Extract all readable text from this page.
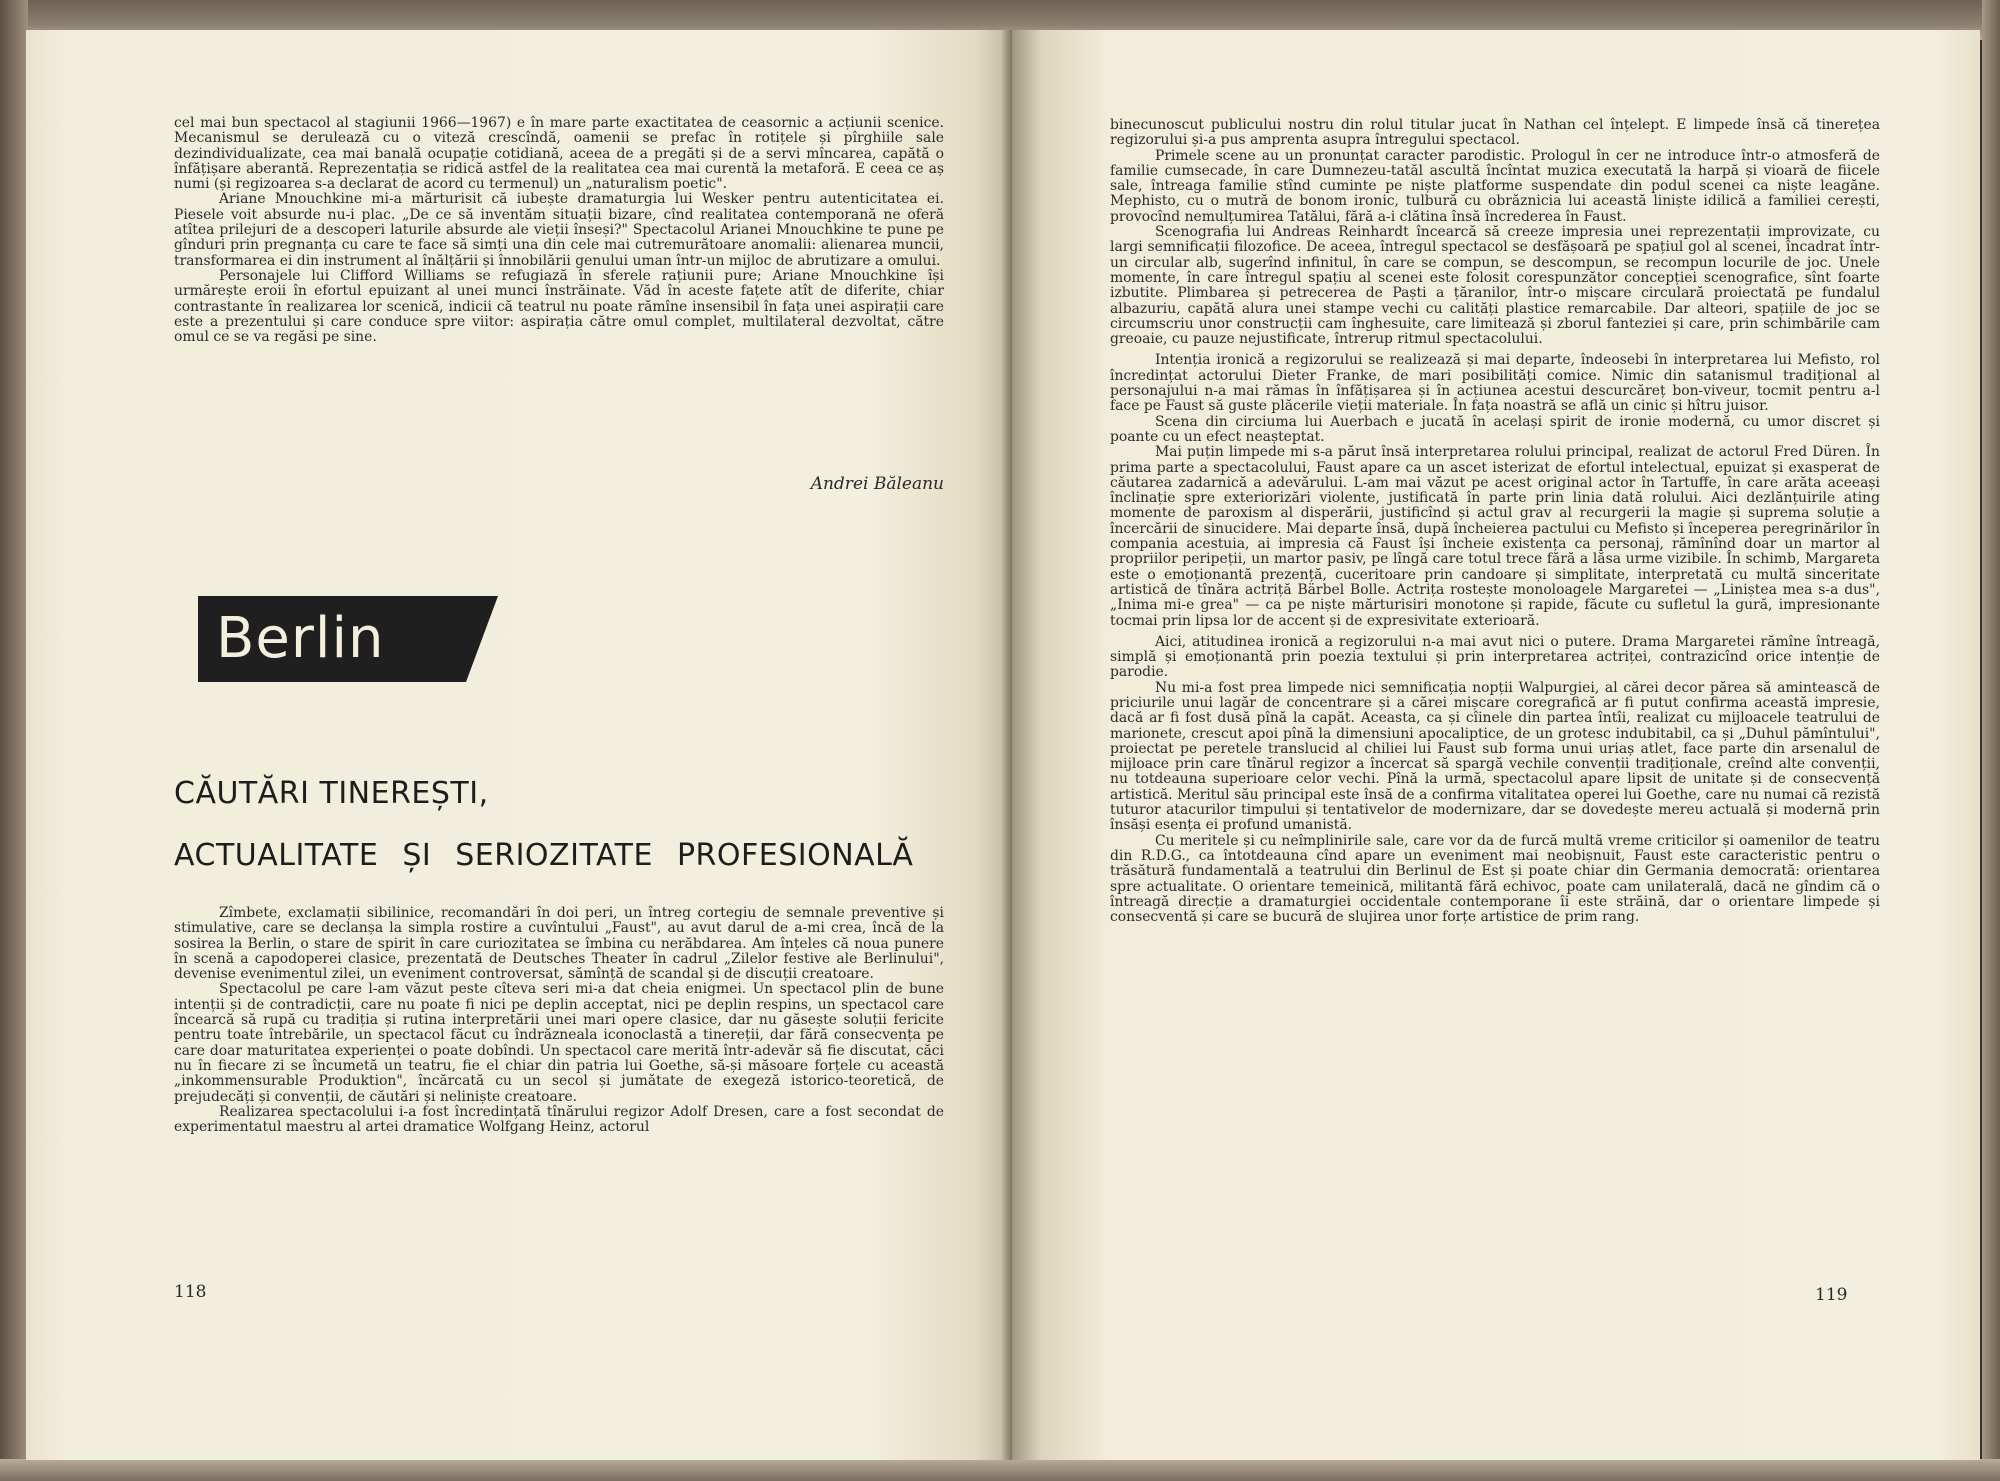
cel mai bun spectacol al stagiunii 1966—1967) e în mare parte exactitatea de ceasornic a acțiunii scenice. Mecanismul se derulează cu o viteză crescîndă, oamenii se prefac în rotițele și pîrghiile sale dezindividualizate, cea mai banală ocupație cotidiană, aceea de a pregăti și de a servi mîncarea, capătă o înfățișare aberantă. Reprezentația se ridică astfel de la realitatea cea mai curentă la metaforă. E ceea ce aș numi (și regizoarea s-a declarat de acord cu termenul) un „naturalism poetic".

Ariane Mnouchkine mi-a mărturisit că iubește dramaturgia lui Wesker pentru autenticitatea ei. Piesele voit absurde nu-i plac. „De ce să inventăm situații bizare, cînd realitatea contemporană ne oferă atîtea prilejuri de a descoperi laturile absurde ale vieții înseși?" Spectacolul Arianei Mnouchkine te pune pe gînduri prin pregnanța cu care te face să simți una din cele mai cutremurătoare anomalii: alienarea muncii, transformarea ei din instrument al înălțării și înnobilării genului uman într-un mijloc de abrutizare a omului.

Personajele lui Clifford Williams se refugiază în sferele rațiunii pure; Ariane Mnouchkine își urmărește eroii în efortul epuizant al unei munci înstrăinate. Văd în aceste fațete atît de diferite, chiar contrastante în realizarea lor scenică, indicii că teatrul nu poate rămîne insensibil în fața unei aspirații care este a prezentului și care conduce spre viitor: aspirația către omul complet, multilateral dezvoltat, către omul ce se va regăsi pe sine.

Andrei Băleanu
Berlin
CĂUTĂRI TINEREȘTI,
ACTUALITATE ȘI SERIOZITATE PROFESIONALĂ

Zîmbete, exclamații sibilinice, recomandări în doi peri, un întreg cortegiu de semnale preventive și stimulative, care se declanșa la simpla rostire a cuvîntului „Faust", au avut darul de a-mi crea, încă de la sosirea la Berlin, o stare de spirit în care curiozitatea se îmbina cu nerăbdarea. Am înțeles că noua punere în scenă a capodoperei clasice, prezentată de Deutsches Theater în cadrul „Zilelor festive ale Berlinului", devenise evenimentul zilei, un eveniment controversat, sămînță de scandal și de discuții creatoare.

Spectacolul pe care l-am văzut peste cîteva seri mi-a dat cheia enigmei. Un spectacol plin de bune intenții și de contradicții, care nu poate fi nici pe deplin acceptat, nici pe deplin respins, un spectacol care încearcă să rupă cu tradiția și rutina interpretării unei mari opere clasice, dar nu găsește soluții fericite pentru toate întrebările, un spectacol făcut cu îndrăzneala iconoclastă a tinereții, dar fără consecvența pe care doar maturitatea experienței o poate dobîndi. Un spectacol care merită într-adevăr să fie discutat, căci nu în fiecare zi se încumetă un teatru, fie el chiar din patria lui Goethe, să-și măsoare forțele cu această „inkommensurable Produktion", încărcată cu un secol și jumătate de exegeză istorico-teoretică, de prejudecăți și convenții, de căutări și neliniște creatoare.

Realizarea spectacolului i-a fost încredințată tînărului regizor Adolf Dresen, care a fost secondat de experimentatul maestru al artei dramatice Wolfgang Heinz, actorul

118

binecunoscut publicului nostru din rolul titular jucat în Nathan cel înțelept. E limpede însă că tinerețea regizorului și-a pus amprenta asupra întregului spectacol.

Primele scene au un pronunțat caracter parodistic. Prologul în cer ne introduce într-o atmosferă de familie cumsecade, în care Dumnezeu-tatăl ascultă încîntat muzica executată la harpă și vioară de fiicele sale, întreaga familie stînd cuminte pe niște platforme suspendate din podul scenei ca niște leagăne. Mephisto, cu o mutră de bonom ironic, tulbură cu obrăznicia lui această liniște idilică a familiei cerești, provocînd nemulțumirea Tatălui, fără a-i clătina însă încrederea în Faust.

Scenografia lui Andreas Reinhardt încearcă să creeze impresia unei reprezentații improvizate, cu largi semnificații filozofice. De aceea, întregul spectacol se desfășoară pe spațiul gol al scenei, încadrat într-un circular alb, sugerînd infinitul, în care se compun, se descompun, se recompun locurile de joc. Unele momente, în care întregul spațiu al scenei este folosit corespunzător concepției scenografice, sînt foarte izbutite. Plimbarea și petrecerea de Paști a țăranilor, într-o mișcare circulară proiectată pe fundalul albazuriu, capătă alura unei stampe vechi cu calități plastice remarcabile. Dar alteori, spațiile de joc se circumscriu unor construcții cam înghesuite, care limitează și zborul fanteziei și care, prin schimbările cam greoaie, cu pauze nejustificate, întrerup ritmul spectacolului.

Intenția ironică a regizorului se realizează și mai departe, îndeosebi în interpretarea lui Mefisto, rol încredințat actorului Dieter Franke, de mari posibilități comice. Nimic din satanismul tradițional al personajului n-a mai rămas în înfățișarea și în acțiunea acestui descurcăreț bon-viveur, tocmit pentru a-l face pe Faust să guste plăcerile vieții materiale. În fața noastră se află un cinic și hîtru juisor.

Scena din circiuma lui Auerbach e jucată în același spirit de ironie modernă, cu umor discret și poante cu un efect neașteptat.

Mai puțin limpede mi s-a părut însă interpretarea rolului principal, realizat de actorul Fred Düren. În prima parte a spectacolului, Faust apare ca un ascet isterizat de efortul intelectual, epuizat și exasperat de căutarea zadarnică a adevărului. L-am mai văzut pe acest original actor în Tartuffe, în care arăta aceeași înclinație spre exteriorizări violente, justificată în parte prin linia dată rolului. Aici dezlănțuirile ating momente de paroxism al disperării, justificînd și actul grav al recurgerii la magie și suprema soluție a încercării de sinucidere. Mai departe însă, după încheierea pactului cu Mefisto și începerea peregrinărilor în compania acestuia, ai impresia că Faust își încheie existența ca personaj, rămînînd doar un martor al propriilor peripeții, un martor pasiv, pe lîngă care totul trece fără a lăsa urme vizibile. În schimb, Margareta este o emoționantă prezență, cuceritoare prin candoare și simplitate, interpretată cu multă sinceritate artistică de tînăra actriță Bärbel Bolle. Actrița rostește monoloagele Margaretei — „Liniștea mea s-a dus", „Inima mi-e grea" — ca pe niște mărturisiri monotone și rapide, făcute cu sufletul la gură, impresionante tocmai prin lipsa lor de accent și de expresivitate exterioară.

Aici, atitudinea ironică a regizorului n-a mai avut nici o putere. Drama Margaretei rămîne întreagă, simplă și emoționantă prin poezia textului și prin interpretarea actriței, contrazicînd orice intenție de parodie.

Nu mi-a fost prea limpede nici semnificația nopții Walpurgiei, al cărei decor părea să amintească de priciurile unui lagăr de concentrare și a cărei mișcare coregrafică ar fi putut confirma această impresie, dacă ar fi fost dusă pînă la capăt. Aceasta, ca și cîinele din partea întîi, realizat cu mijloacele teatrului de marionete, crescut apoi pînă la dimensiuni apocaliptice, de un grotesc indubitabil, ca și „Duhul pămîntului", proiectat pe peretele translucid al chiliei lui Faust sub forma unui uriaș atlet, face parte din arsenalul de mijloace prin care tînărul regizor a încercat să spargă vechile convenții tradiționale, creînd alte convenții, nu totdeauna superioare celor vechi. Pînă la urmă, spectacolul apare lipsit de unitate și de consecvență artistică. Meritul său principal este însă de a confirma vitalitatea operei lui Goethe, care nu numai că rezistă tuturor atacurilor timpului și tentativelor de modernizare, dar se dovedește mereu actuală și modernă prin însăși esența ei profund umanistă.

Cu meritele și cu neîmplinirile sale, care vor da de furcă multă vreme criticilor și oamenilor de teatru din R.D.G., ca întotdeauna cînd apare un eveniment mai neobișnuit, Faust este caracteristic pentru o trăsătură fundamentală a teatrului din Berlinul de Est și poate chiar din Germania democrată: orientarea spre actualitate. O orientare temeinică, militantă fără echivoc, poate cam unilaterală, dacă ne gîndim că o întreagă direcție a dramaturgiei occidentale contemporane îi este străină, dar o orientare limpede și consecventă și care se bucură de slujirea unor forțe artistice de prim rang.

119
